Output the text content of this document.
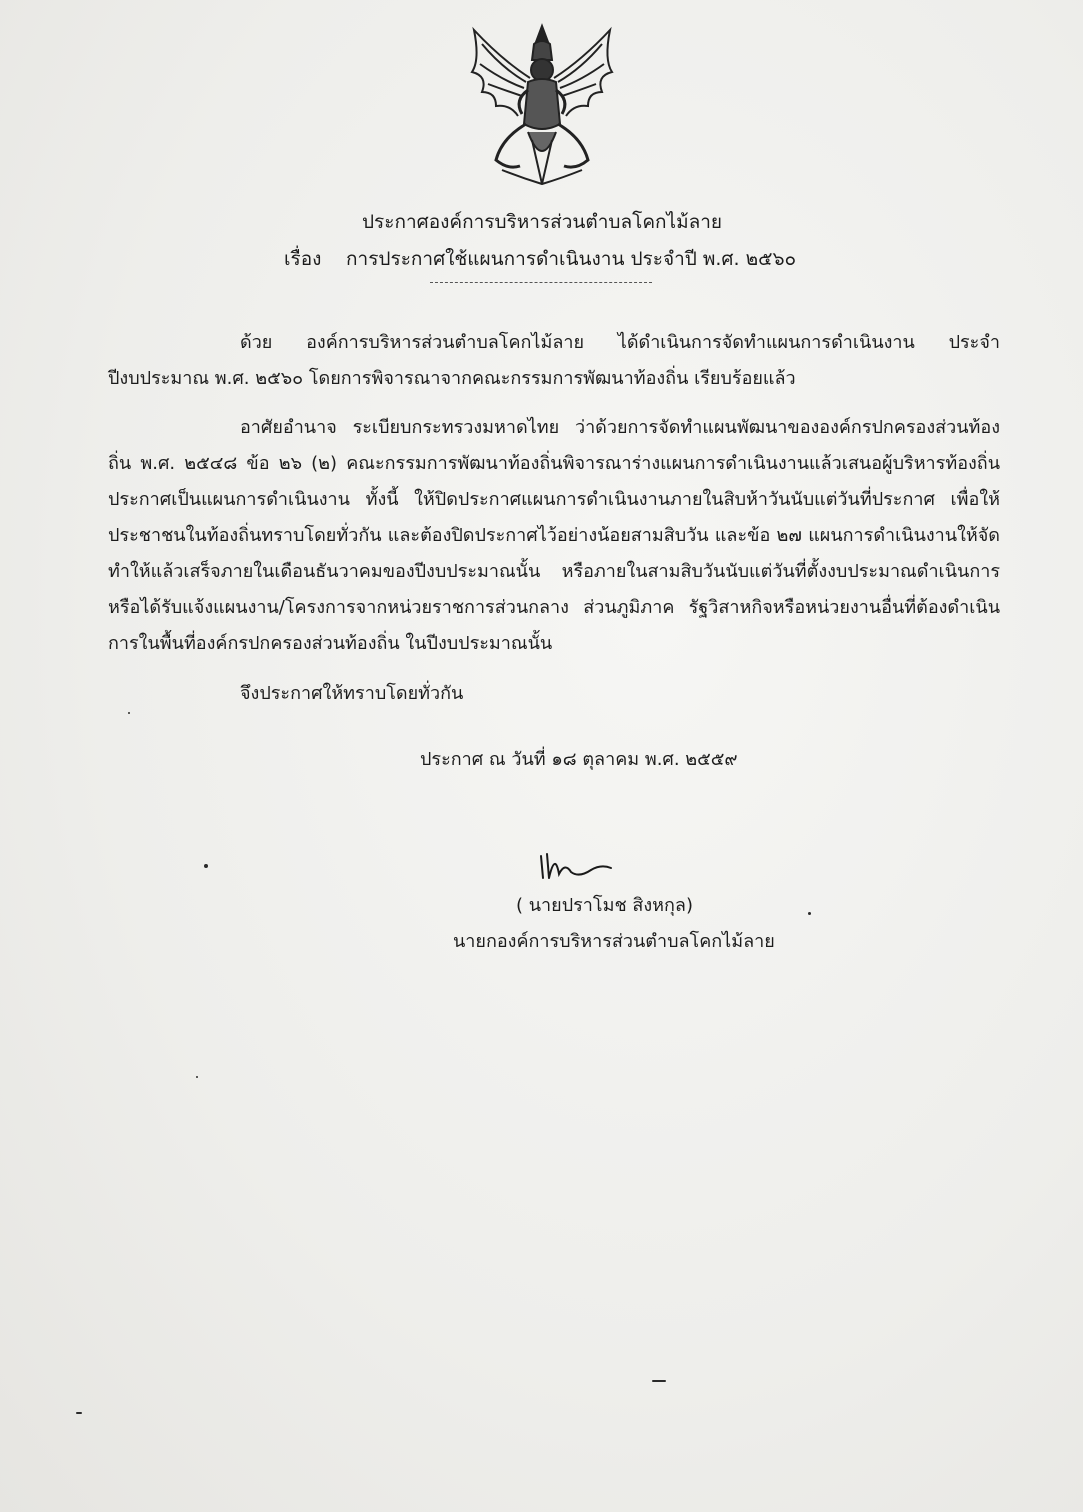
ประกาศองค์การบริหารส่วนตำบลโคกไม้ลาย
เรื่อง การประกาศใช้แผนการดำเนินงาน ประจำปี พ.ศ. ๒๕๖๐
ด้วย องค์การบริหารส่วนตำบลโคกไม้ลาย ได้ดำเนินการจัดทำแผนการดำเนินงาน ประจำปีงบประมาณ พ.ศ. ๒๕๖๐ โดยการพิจารณาจากคณะกรรมการพัฒนาท้องถิ่น เรียบร้อยแล้ว
อาศัยอำนาจ ระเบียบกระทรวงมหาดไทย ว่าด้วยการจัดทำแผนพัฒนาขององค์กรปกครองส่วนท้องถิ่น พ.ศ. ๒๕๔๘ ข้อ ๒๖ (๒) คณะกรรมการพัฒนาท้องถิ่นพิจารณาร่างแผนการดำเนินงานแล้วเสนอผู้บริหารท้องถิ่นประกาศเป็นแผนการดำเนินงาน ทั้งนี้ ให้ปิดประกาศแผนการดำเนินงานภายในสิบห้าวันนับแต่วันที่ประกาศ เพื่อให้ประชาชนในท้องถิ่นทราบโดยทั่วกัน และต้องปิดประกาศไว้อย่างน้อยสามสิบวัน และข้อ ๒๗ แผนการดำเนินงานให้จัดทำให้แล้วเสร็จภายในเดือนธันวาคมของปีงบประมาณนั้น หรือภายในสามสิบวันนับแต่วันที่ตั้งงบประมาณดำเนินการหรือได้รับแจ้งแผนงาน/โครงการจากหน่วยราชการส่วนกลาง ส่วนภูมิภาค รัฐวิสาหกิจหรือหน่วยงานอื่นที่ต้องดำเนินการในพื้นที่องค์กรปกครองส่วนท้องถิ่น ในปีงบประมาณนั้น
จึงประกาศให้ทราบโดยทั่วกัน
ประกาศ ณ วันที่ ๑๘ ตุลาคม พ.ศ. ๒๕๕๙
( นายปราโมช สิงหกุล)
นายกองค์การบริหารส่วนตำบลโคกไม้ลาย
